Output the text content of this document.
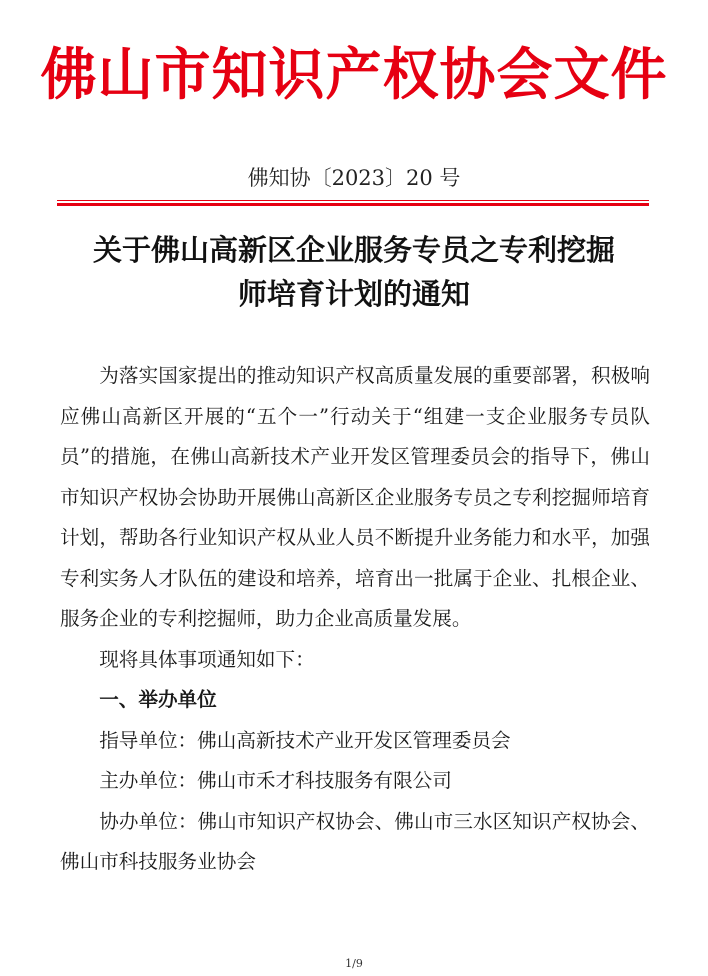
佛山市知识产权协会文件
佛知协〔2023〕20 号
关于佛山高新区企业服务专员之专利挖掘
师培育计划的通知

为落实国家提出的推动知识产权高质量发展的重要部署，积极响应佛山高新区开展的“五个一”行动关于“组建一支企业服务专员队员”的措施，在佛山高新技术产业开发区管理委员会的指导下，佛山市知识产权协会协助开展佛山高新区企业服务专员之专利挖掘师培育计划，帮助各行业知识产权从业人员不断提升业务能力和水平，加强专利实务人才队伍的建设和培养，培育出一批属于企业、扎根企业、服务企业的专利挖掘师，助力企业高质量发展。

现将具体事项通知如下：

一、举办单位

指导单位：佛山高新技术产业开发区管理委员会

主办单位：佛山市禾才科技服务有限公司

协办单位：佛山市知识产权协会、佛山市三水区知识产权协会、佛山市科技服务业协会

1/9
